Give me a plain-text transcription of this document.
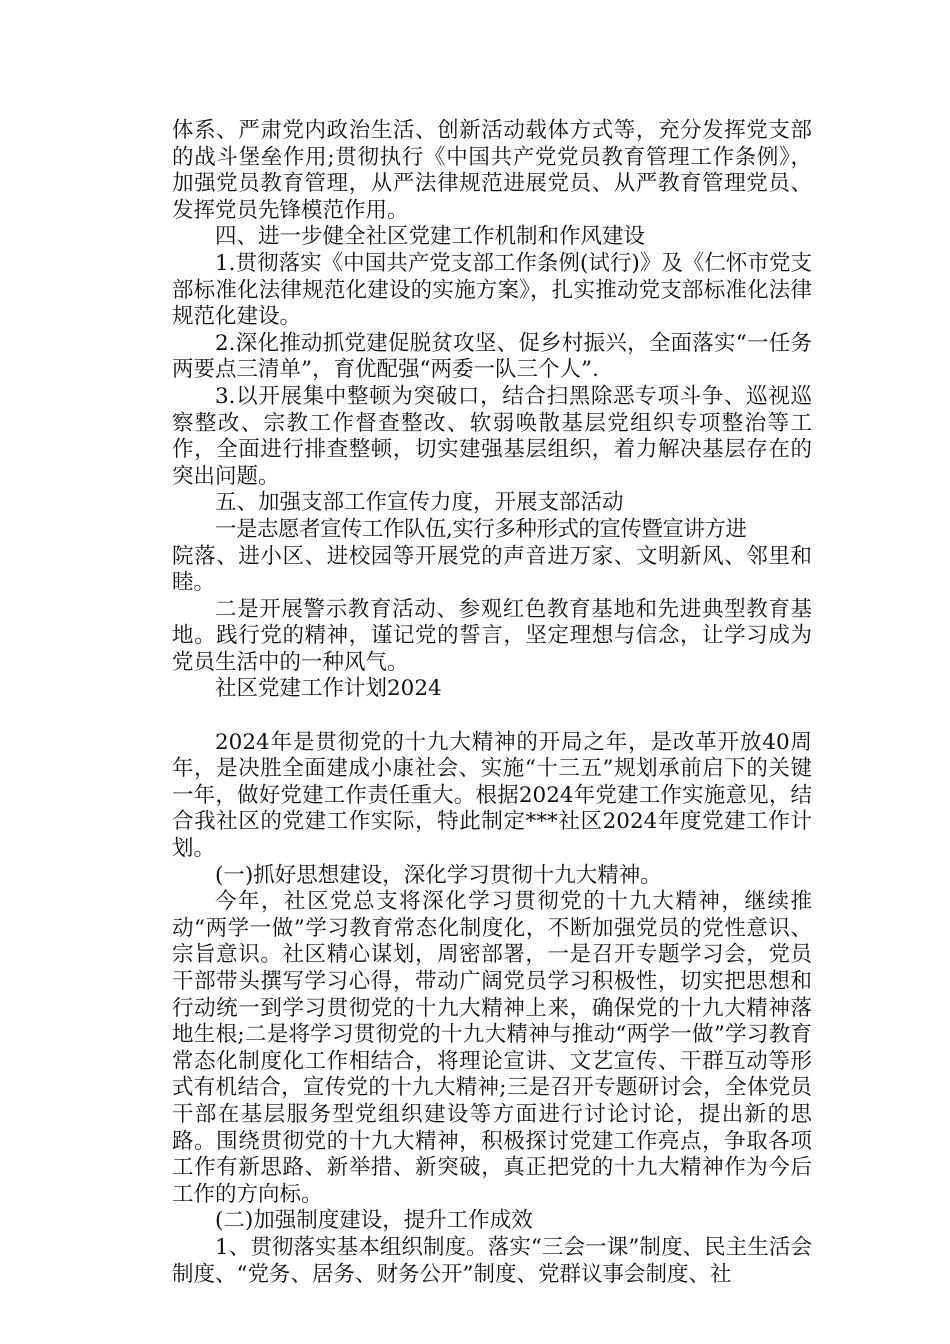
体系、严肃党内政治生活、创新活动载体方式等，充分发挥党支部的战斗堡垒作用;贯彻执行《中国共产党党员教育管理工作条例》，加强党员教育管理，从严法律规范进展党员、从严教育管理党员、发挥党员先锋模范作用。

四、进一步健全社区党建工作机制和作风建设

1.贯彻落实《中国共产党支部工作条例(试行)》及《仁怀市党支部标准化法律规范化建设的实施方案》，扎实推动党支部标准化法律规范化建设。

2.深化推动抓党建促脱贫攻坚、促乡村振兴，全面落实“一任务两要点三清单”，育优配强“两委一队三个人”.

3.以开展集中整顿为突破口，结合扫黑除恶专项斗争、巡视巡察整改、宗教工作督查整改、软弱唤散基层党组织专项整治等工作，全面进行排查整顿，切实建强基层组织，着力解决基层存在的突出问题。

五、加强支部工作宣传力度，开展支部活动

一是志愿者宣传工作队伍,实行多种形式的宣传暨宣讲方进

院落、进小区、进校园等开展党的声音进万家、文明新风、邻里和睦。

二是开展警示教育活动、参观红色教育基地和先进典型教育基地。践行党的精神，谨记党的誓言，坚定理想与信念，让学习成为党员生活中的一种风气。

社区党建工作计划2024

2024年是贯彻党的十九大精神的开局之年，是改革开放40周年，是决胜全面建成小康社会、实施“十三五”规划承前启下的关键一年，做好党建工作责任重大。根据2024年党建工作实施意见，结合我社区的党建工作实际，特此制定***社区2024年度党建工作计划。

(一)抓好思想建设，深化学习贯彻十九大精神。

今年，社区党总支将深化学习贯彻党的十九大精神，继续推动“两学一做”学习教育常态化制度化，不断加强党员的党性意识、宗旨意识。社区精心谋划，周密部署，一是召开专题学习会，党员干部带头撰写学习心得，带动广阔党员学习积极性，切实把思想和行动统一到学习贯彻党的十九大精神上来，确保党的十九大精神落地生根;二是将学习贯彻党的十九大精神与推动“两学一做”学习教育常态化制度化工作相结合，将理论宣讲、文艺宣传、干群互动等形式有机结合，宣传党的十九大精神;三是召开专题研讨会，全体党员干部在基层服务型党组织建设等方面进行讨论讨论，提出新的思路。围绕贯彻党的十九大精神，积极探讨党建工作亮点，争取各项工作有新思路、新举措、新突破，真正把党的十九大精神作为今后工作的方向标。

(二)加强制度建设，提升工作成效

1、贯彻落实基本组织制度。落实“三会一课”制度、民主生活会制度、“党务、居务、财务公开”制度、党群议事会制度、社
